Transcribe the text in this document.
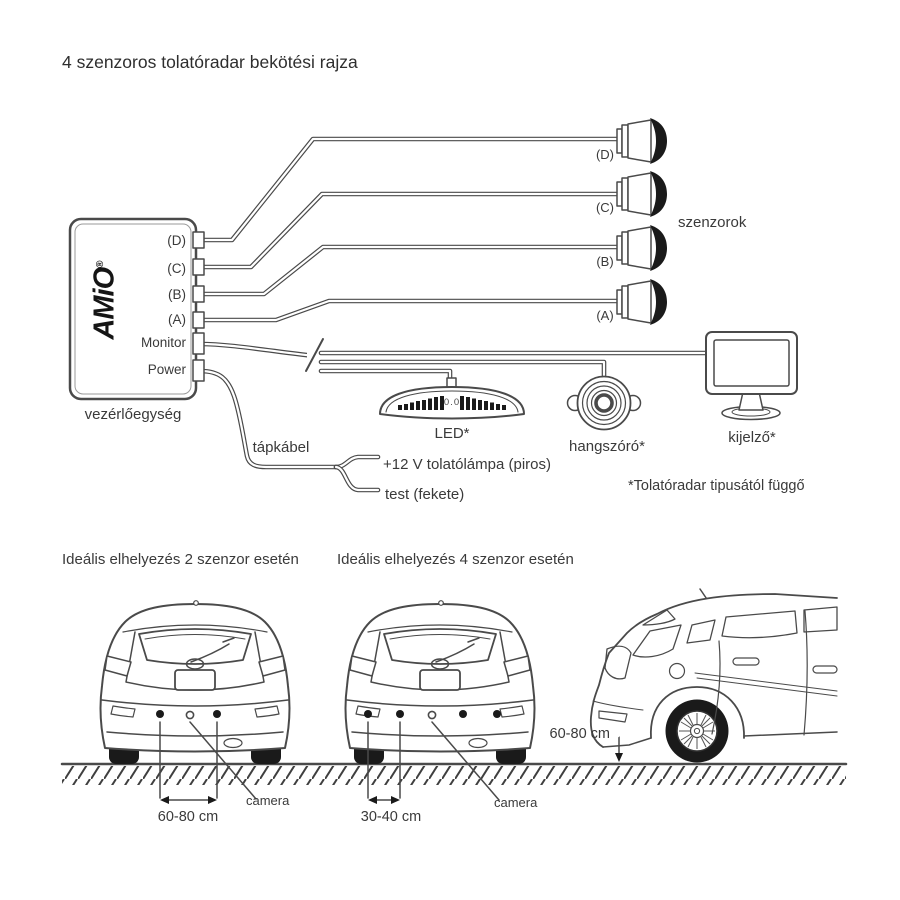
4 szenzoros tolatóradar bekötési rajza
AMiO®
(D)
(C)
(B)
(A)
Monitor
Power
vezérlőegység
(D)
(C)
(B)
(A)
szenzorok
0.0
LED*
hangszóró*
kijelző*
tápkábel
+12 V tolatólámpa (piros)
test (fekete)	*Tolatóradar tipusától függő
Ideális elhelyezés 2 szenzor esetén	Ideális elhelyezés 4 szenzor esetén
60-80 cm
camera
30-40 cm
camera
60-80 cm
